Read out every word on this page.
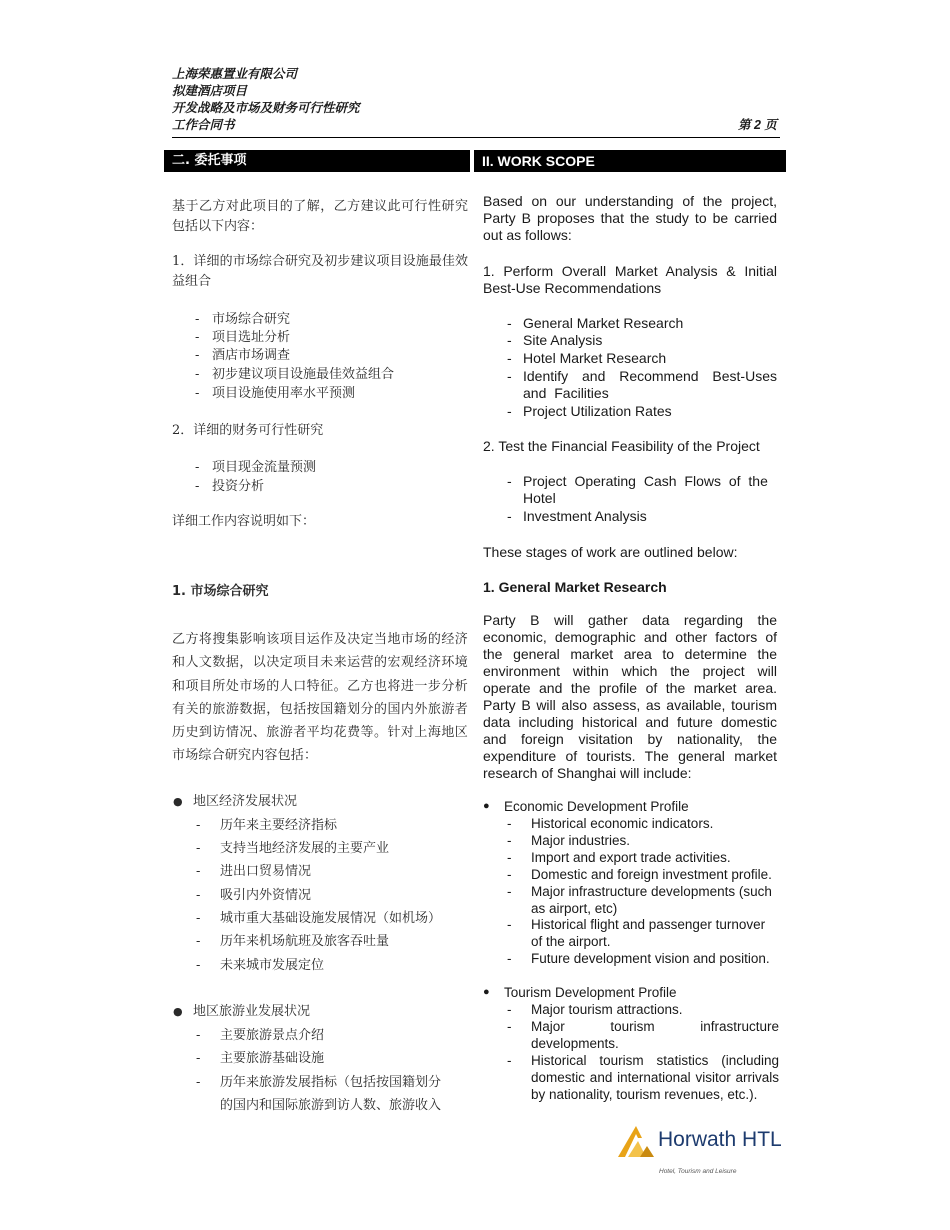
上海荣惠置业有限公司
拟建酒店项目
开发战略及市场及财务可行性研究
工作合同书	第 2 页
二. 委托事项	II. WORK SCOPE
基于乙方对此项目的了解，乙方建议此可行性研究包括以下内容：
1．详细的市场综合研究及初步建议项目设施最佳效益组合
- 市场综合研究
- 项目选址分析
- 酒店市场调查
- 初步建议项目设施最佳效益组合
- 项目设施使用率水平预测
2．详细的财务可行性研究
- 项目现金流量预测
- 投资分析
详细工作内容说明如下：
1. 市场综合研究
乙方将搜集影响该项目运作及决定当地市场的经济和人文数据，以决定项目未来运营的宏观经济环境和项目所处市场的人口特征。乙方也将进一步分析有关的旅游数据，包括按国籍划分的国内外旅游者历史到访情况、旅游者平均花费等。针对上海地区市场综合研究内容包括：
● 地区经济发展状况
- 历年来主要经济指标
- 支持当地经济发展的主要产业
- 进出口贸易情况
- 吸引内外资情况
- 城市重大基础设施发展情况（如机场）
- 历年来机场航班及旅客吞吐量
- 未来城市发展定位
● 地区旅游业发展状况
- 主要旅游景点介绍
- 主要旅游基础设施
- 历年来旅游发展指标（包括按国籍划分
的国内和国际旅游到访人数、旅游收入
Based on our understanding of the project, Party B proposes that the study to be carried out as follows:
1. Perform Overall Market Analysis & Initial Best-Use Recommendations
- General Market Research
- Site Analysis
- Hotel Market Research
- Identify and Recommend Best-Uses and Facilities
- Project Utilization Rates
2. Test the Financial Feasibility of the Project
- Project Operating Cash Flows of the Hotel
- Investment Analysis
These stages of work are outlined below:
1. General Market Research
Party B will gather data regarding the economic, demographic and other factors of the general market area to determine the environment within which the project will operate and the profile of the market area. Party B will also assess, as available, tourism data including historical and future domestic and foreign visitation by nationality, the expenditure of tourists. The general market research of Shanghai will include:
● Economic Development Profile
- Historical economic indicators.
- Major industries.
- Import and export trade activities.
- Domestic and foreign investment profile.
- Major infrastructure developments (such as airport, etc)
- Historical flight and passenger turnover of the airport.
- Future development vision and position.
● Tourism Development Profile
- Major tourism attractions.
- Major tourism infrastructure developments.
- Historical tourism statistics (including domestic and international visitor arrivals by nationality, tourism revenues, etc.).
Horwath HTL
Hotel, Tourism and Leisure
